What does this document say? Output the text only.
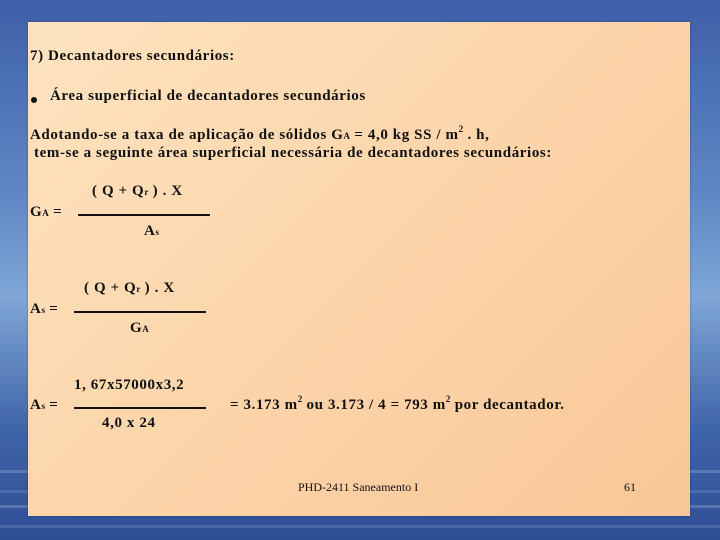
7) Decantadores secundários:
Área superficial de decantadores secundários
Adotando-se a taxa de aplicação de sólidos GA = 4,0 kg SS / $m^2$ . h,
tem-se a seguinte área superficial necessária de decantadores secundários:
( Q + Qr ) . X
GA =
As
( Q + Qr ) . X
As =
GA
1, 67x57000x3,2
As =	= 3.173 $m^2$ ou 3.173 / 4 = 793 $m^2$ por decantador.
4,0 x 24
PHD-2411 Saneamento I	61
